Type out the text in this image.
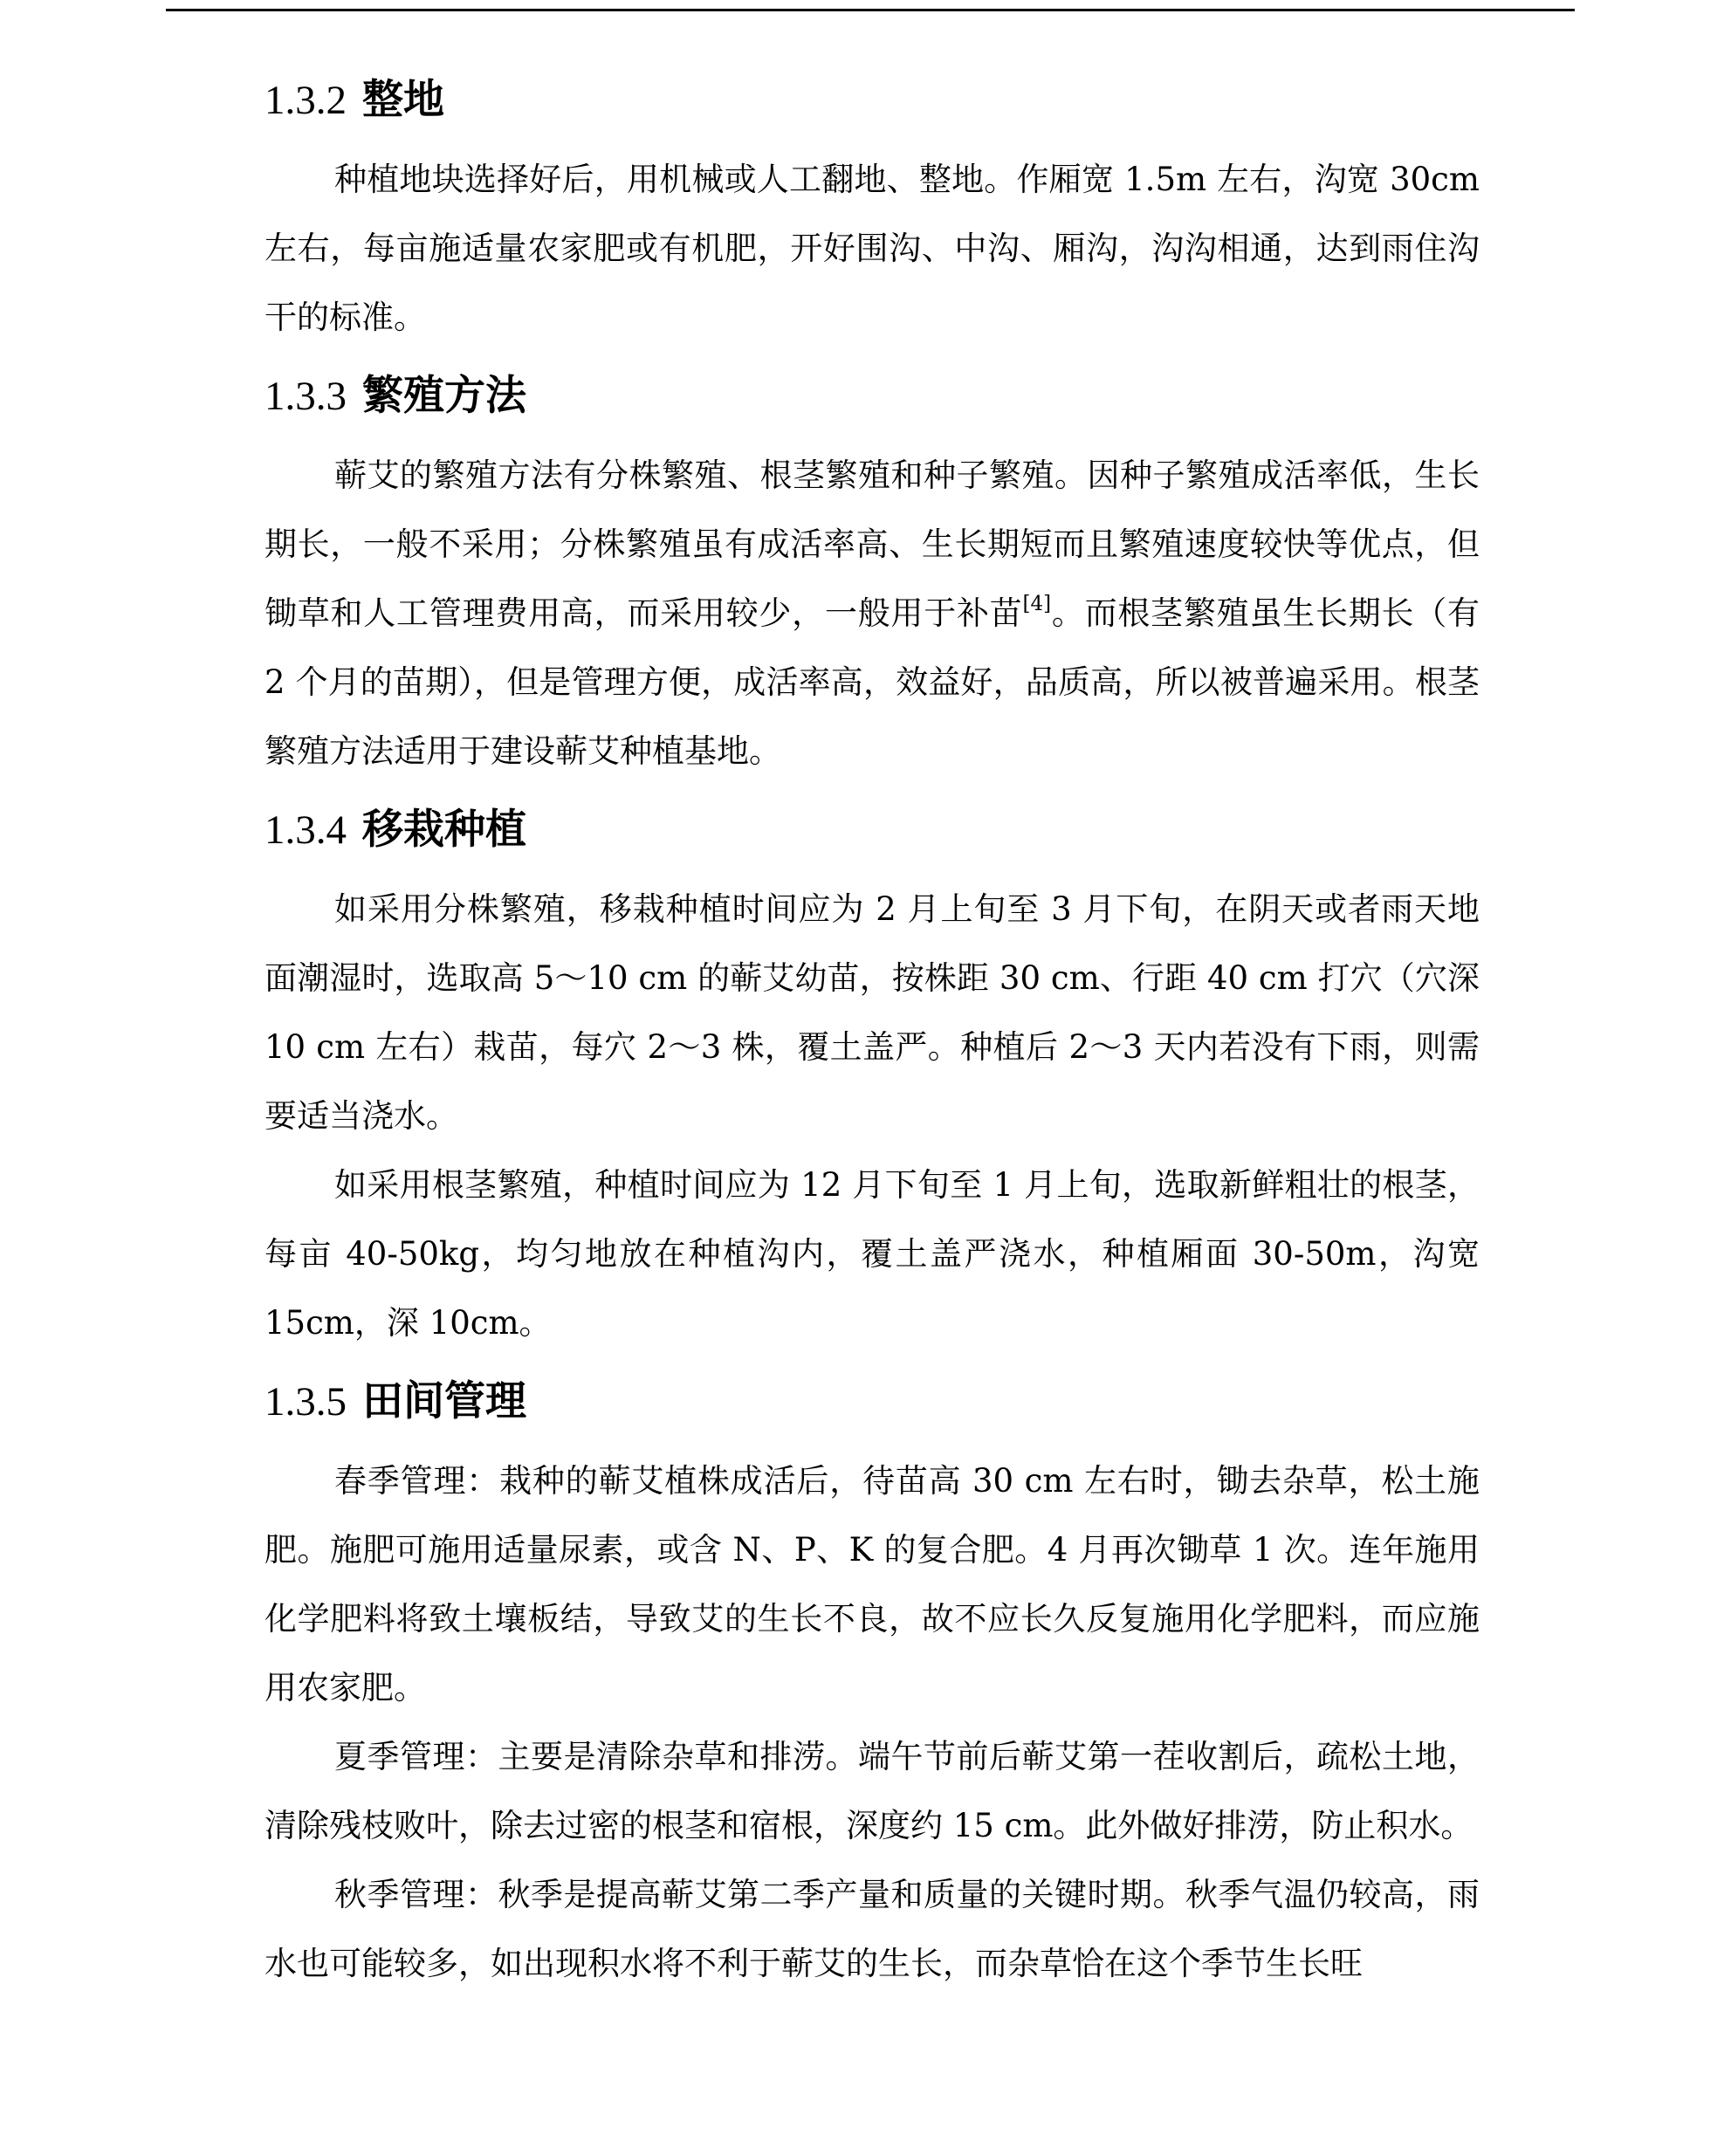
1.3.2 整地

种植地块选择好后，用机械或人工翻地、整地。作厢宽 1.5m 左右，沟宽 30cm 左右，每亩施适量农家肥或有机肥，开好围沟、中沟、厢沟，沟沟相通，达到雨住沟干的标准。

1.3.3 繁殖方法

蕲艾的繁殖方法有分株繁殖、根茎繁殖和种子繁殖。因种子繁殖成活率低，生长期长，一般不采用；分株繁殖虽有成活率高、生长期短而且繁殖速度较快等优点，但锄草和人工管理费用高，而采用较少，一般用于补苗[4]。而根茎繁殖虽生长期长（有 2 个月的苗期），但是管理方便，成活率高，效益好，品质高，所以被普遍采用。根茎繁殖方法适用于建设蕲艾种植基地。

1.3.4 移栽种植

如采用分株繁殖，移栽种植时间应为 2 月上旬至 3 月下旬，在阴天或者雨天地面潮湿时，选取高 5～10 cm 的蕲艾幼苗，按株距 30 cm、行距 40 cm 打穴（穴深 10 cm 左右）栽苗，每穴 2～3 株，覆土盖严。种植后 2～3 天内若没有下雨，则需要适当浇水。

如采用根茎繁殖，种植时间应为 12 月下旬至 1 月上旬，选取新鲜粗壮的根茎，每亩 40-50kg，均匀地放在种植沟内，覆土盖严浇水，种植厢面 30-50m，沟宽 15cm，深 10cm。

1.3.5 田间管理

春季管理：栽种的蕲艾植株成活后，待苗高 30 cm 左右时，锄去杂草，松土施肥。施肥可施用适量尿素，或含 N、P、K 的复合肥。4 月再次锄草 1 次。连年施用化学肥料将致土壤板结，导致艾的生长不良，故不应长久反复施用化学肥料，而应施用农家肥。

夏季管理：主要是清除杂草和排涝。端午节前后蕲艾第一茬收割后，疏松土地，清除残枝败叶，除去过密的根茎和宿根，深度约 15 cm。此外做好排涝，防止积水。

秋季管理：秋季是提高蕲艾第二季产量和质量的关键时期。秋季气温仍较高，雨水也可能较多，如出现积水将不利于蕲艾的生长，而杂草恰在这个季节生长旺
